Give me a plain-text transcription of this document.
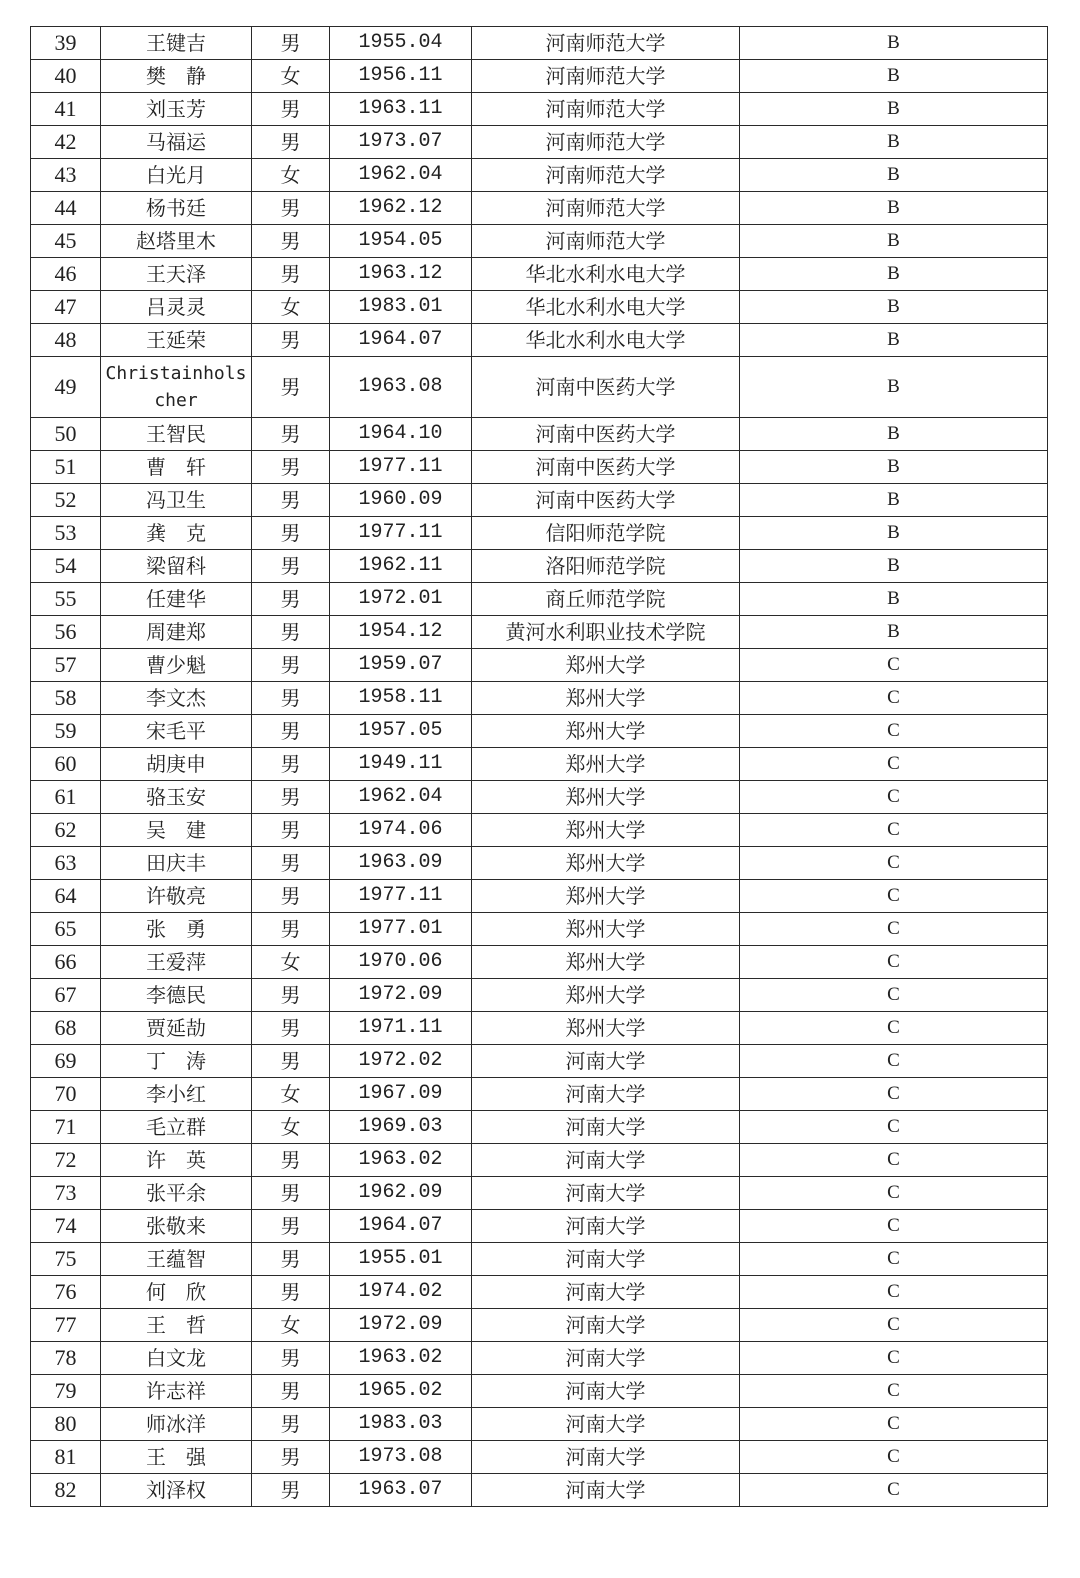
39	王键吉	男	1955.04	河南师范大学	B
40	樊　静	女	1956.11	河南师范大学	B
41	刘玉芳	男	1963.11	河南师范大学	B
42	马福运	男	1973.07	河南师范大学	B
43	白光月	女	1962.04	河南师范大学	B
44	杨书廷	男	1962.12	河南师范大学	B
45	赵塔里木	男	1954.05	河南师范大学	B
46	王天泽	男	1963.12	华北水利水电大学	B
47	吕灵灵	女	1983.01	华北水利水电大学	B
48	王延荣	男	1964.07	华北水利水电大学	B
49	Christainholscher	男	1963.08	河南中医药大学	B
50	王智民	男	1964.10	河南中医药大学	B
51	曹　轩	男	1977.11	河南中医药大学	B
52	冯卫生	男	1960.09	河南中医药大学	B
53	龚　克	男	1977.11	信阳师范学院	B
54	梁留科	男	1962.11	洛阳师范学院	B
55	任建华	男	1972.01	商丘师范学院	B
56	周建郑	男	1954.12	黄河水利职业技术学院	B
57	曹少魁	男	1959.07	郑州大学	C
58	李文杰	男	1958.11	郑州大学	C
59	宋毛平	男	1957.05	郑州大学	C
60	胡庚申	男	1949.11	郑州大学	C
61	骆玉安	男	1962.04	郑州大学	C
62	吴　建	男	1974.06	郑州大学	C
63	田庆丰	男	1963.09	郑州大学	C
64	许敬亮	男	1977.11	郑州大学	C
65	张　勇	男	1977.01	郑州大学	C
66	王爱萍	女	1970.06	郑州大学	C
67	李德民	男	1972.09	郑州大学	C
68	贾延劼	男	1971.11	郑州大学	C
69	丁　涛	男	1972.02	河南大学	C
70	李小红	女	1967.09	河南大学	C
71	毛立群	女	1969.03	河南大学	C
72	许　英	男	1963.02	河南大学	C
73	张平余	男	1962.09	河南大学	C
74	张敬来	男	1964.07	河南大学	C
75	王蕴智	男	1955.01	河南大学	C
76	何　欣	男	1974.02	河南大学	C
77	王　哲	女	1972.09	河南大学	C
78	白文龙	男	1963.02	河南大学	C
79	许志祥	男	1965.02	河南大学	C
80	师冰洋	男	1983.03	河南大学	C
81	王　强	男	1973.08	河南大学	C
82	刘泽权	男	1963.07	河南大学	C
